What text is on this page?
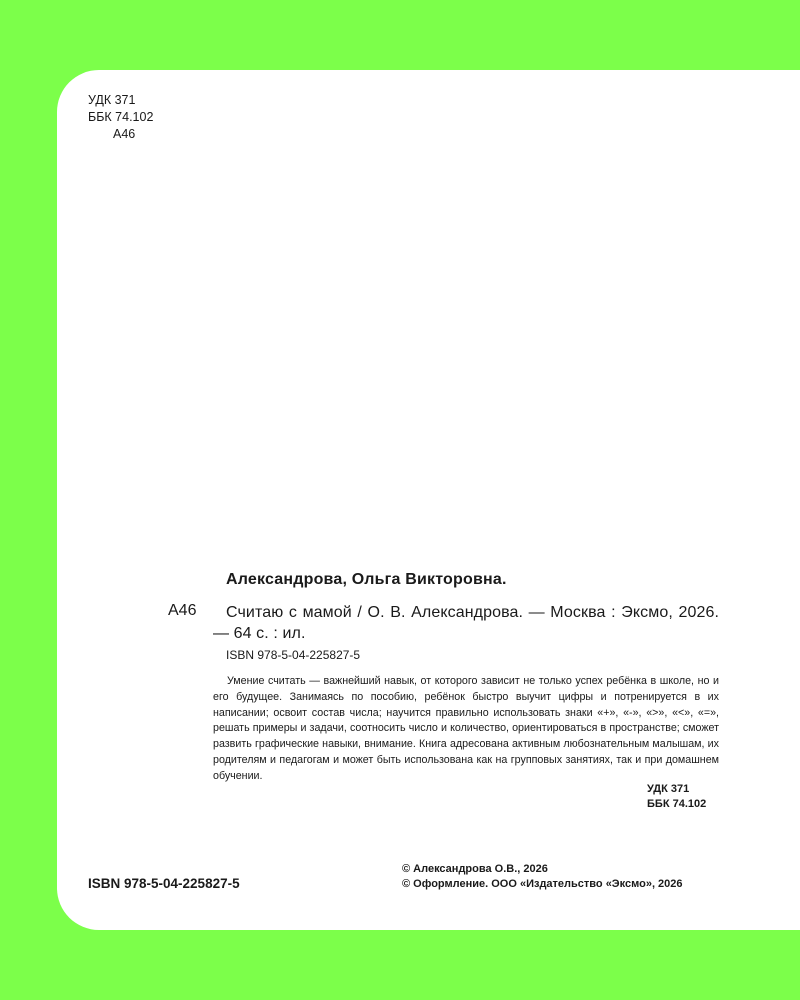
УДК 371
ББК 74.102
А46
Александрова, Ольга Викторовна.
А46	Считаю с мамой / О. В. Александрова. — Москва : Эксмо, 2026. — 64 с. : ил.
ISBN 978-5-04-225827-5
Умение считать — важнейший навык, от которого зависит не только успех ребёнка в школе, но и его будущее. Занимаясь по пособию, ребёнок быстро выучит цифры и потренируется в их написании; освоит состав числа; научится правильно использовать знаки «+», «-», «>», «<», «=», решать примеры и задачи, соотносить число и количество, ориентироваться в пространстве; сможет развить графические навыки, внимание. Книга адресована активным любознательным малышам, их родителям и педагогам и может быть использована как на групповых занятиях, так и при домашнем обучении.
УДК 371
ББК 74.102
ISBN 978-5-04-225827-5
© Александрова О.В., 2026
© Оформление. ООО «Издательство «Эксмо», 2026
